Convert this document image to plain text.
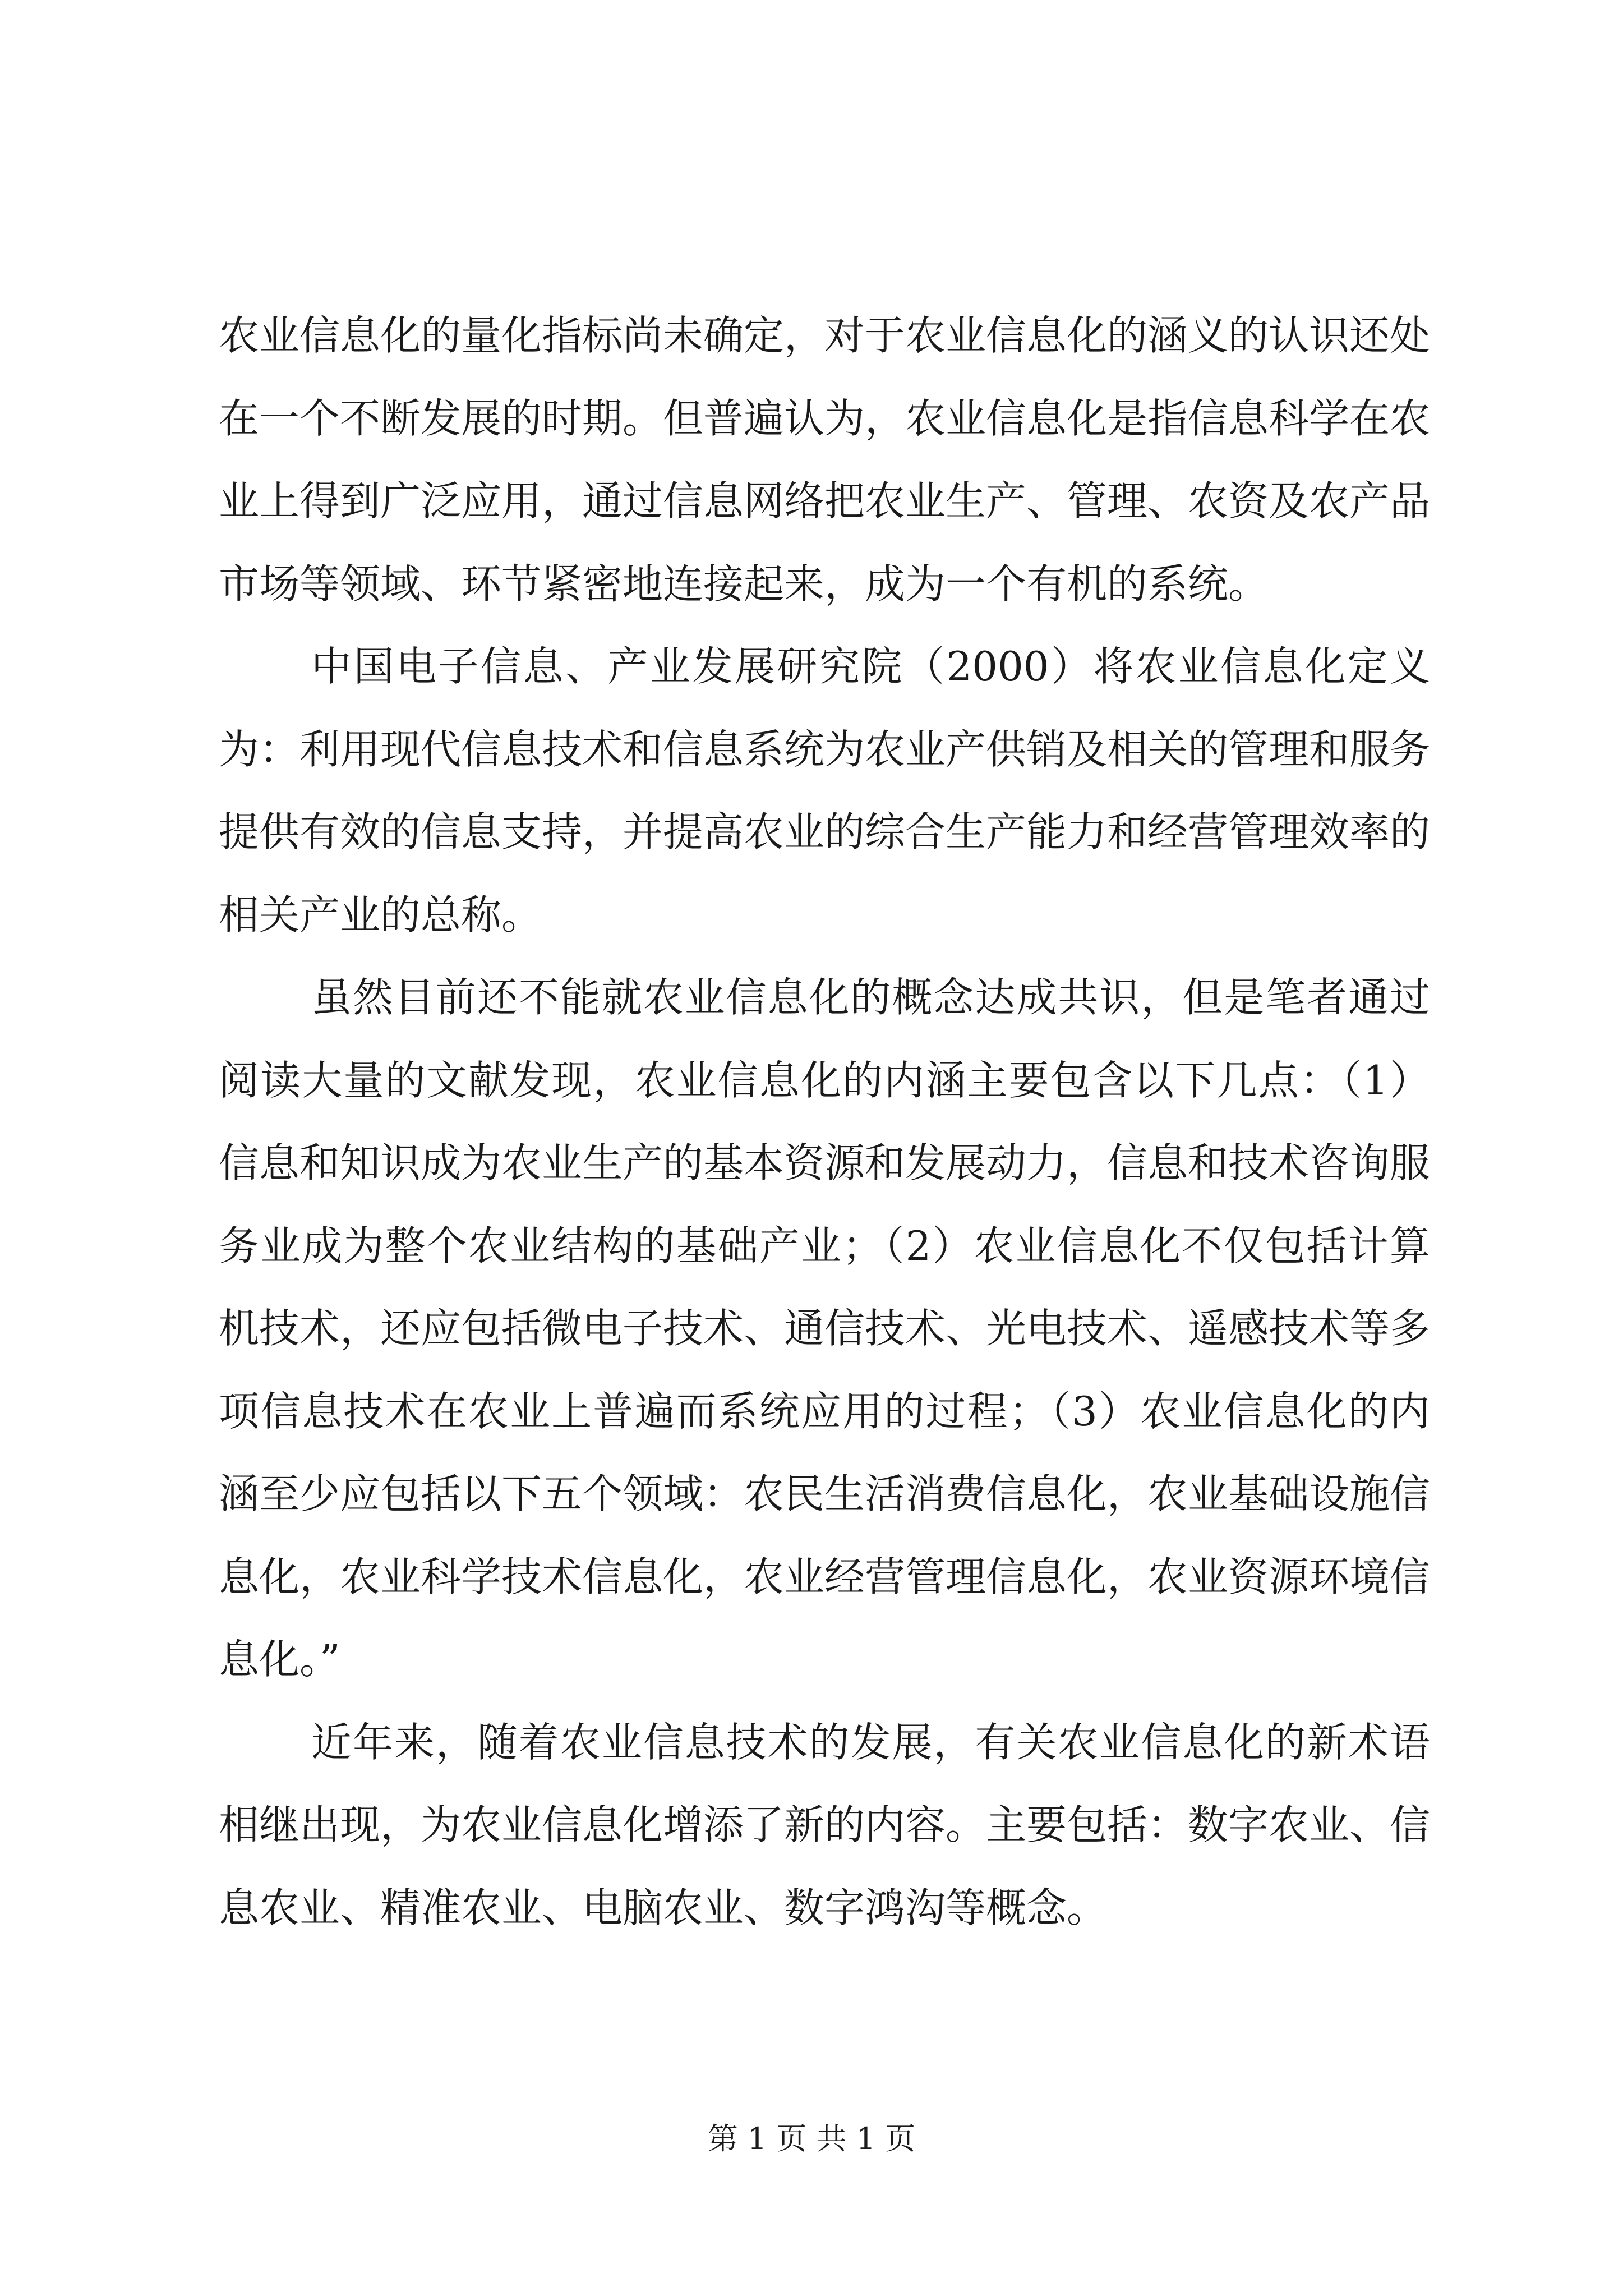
农业信息化的量化指标尚未确定，对于农业信息化的涵义的认识还处在一个不断发展的时期。但普遍认为，农业信息化是指信息科学在农业上得到广泛应用，通过信息网络把农业生产、管理、农资及农产品市场等领域、环节紧密地连接起来，成为一个有机的系统。

中国电子信息、产业发展研究院（2000）将农业信息化定义为：利用现代信息技术和信息系统为农业产供销及相关的管理和服务提供有效的信息支持，并提高农业的综合生产能力和经营管理效率的相关产业的总称。

虽然目前还不能就农业信息化的概念达成共识，但是笔者通过阅读大量的文献发现，农业信息化的内涵主要包含以下几点：（1）信息和知识成为农业生产的基本资源和发展动力，信息和技术咨询服务业成为整个农业结构的基础产业；（2）农业信息化不仅包括计算机技术，还应包括微电子技术、通信技术、光电技术、遥感技术等多项信息技术在农业上普遍而系统应用的过程；（3）农业信息化的内涵至少应包括以下五个领域：农民生活消费信息化，农业基础设施信息化，农业科学技术信息化，农业经营管理信息化，农业资源环境信息化。”

近年来，随着农业信息技术的发展，有关农业信息化的新术语相继出现，为农业信息化增添了新的内容。主要包括：数字农业、信息农业、精准农业、电脑农业、数字鸿沟等概念。

第 1 页 共 1 页
